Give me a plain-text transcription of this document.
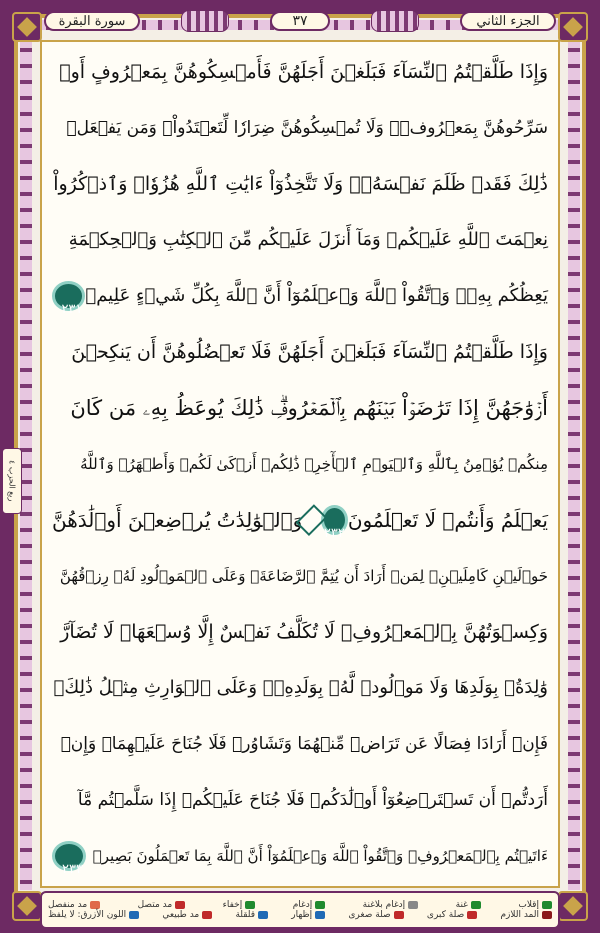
الجزء الثاني
٣٧
سورة البقرة
ربع الحزب ٤
وَإِذَا طَلَّقۡتُمُ ٱلنِّسَآءَ فَبَلَغۡنَ أَجَلَهُنَّ فَأَمۡسِكُوهُنَّ بِمَعۡرُوفٍ أَوۡ
سَرِّحُوهُنَّ بِمَعۡرُوفٖۚ وَلَا تُمۡسِكُوهُنَّ ضِرَارٗا لِّتَعۡتَدُواْۚ وَمَن يَفۡعَلۡ
ذَٰلِكَ فَقَدۡ ظَلَمَ نَفۡسَهُۥۚ وَلَا تَتَّخِذُوٓاْ ءَايَٰتِ ٱللَّهِ هُزُوٗاۚ وَٱذۡكُرُواْ
نِعۡمَتَ ٱللَّهِ عَلَيۡكُمۡ وَمَآ أَنزَلَ عَلَيۡكُم مِّنَ ٱلۡكِتَٰبِ وَٱلۡحِكۡمَةِ
يَعِظُكُم بِهِۦۚ وَٱتَّقُواْ ٱللَّهَ وَٱعۡلَمُوٓاْ أَنَّ ٱللَّهَ بِكُلِّ شَيۡءٍ عَلِيمٞ
٢٣١
وَإِذَا طَلَّقۡتُمُ ٱلنِّسَآءَ فَبَلَغۡنَ أَجَلَهُنَّ فَلَا تَعۡضُلُوهُنَّ أَن يَنكِحۡنَ
أَزۡوَٰجَهُنَّ إِذَا تَرَٰضَوۡاْ بَيۡنَهُم بِٱلۡمَعۡرُوفِۗ ذَٰلِكَ يُوعَظُ بِهِۦ مَن كَانَ
مِنكُمۡ يُؤۡمِنُ بِٱللَّهِ وَٱلۡيَوۡمِ ٱلۡأٓخِرِۗ ذَٰلِكُمۡ أَزۡكَىٰ لَكُمۡ وَأَطۡهَرُۚ وَٱللَّهُ
يَعۡلَمُ وَأَنتُمۡ لَا تَعۡلَمُونَ
٢٣٢
وَٱلۡوَٰلِدَٰتُ يُرۡضِعۡنَ أَوۡلَٰدَهُنَّ
حَوۡلَيۡنِ كَامِلَيۡنِۖ لِمَنۡ أَرَادَ أَن يُتِمَّ ٱلرَّضَاعَةَۚ وَعَلَى ٱلۡمَوۡلُودِ لَهُۥ رِزۡقُهُنَّ
وَكِسۡوَتُهُنَّ بِٱلۡمَعۡرُوفِۚ لَا تُكَلَّفُ نَفۡسٌ إِلَّا وُسۡعَهَاۚ لَا تُضَآرَّ
وَٰلِدَةُۢ بِوَلَدِهَا وَلَا مَوۡلُودٞ لَّهُۥ بِوَلَدِهِۦۚ وَعَلَى ٱلۡوَارِثِ مِثۡلُ ذَٰلِكَۗ
فَإِنۡ أَرَادَا فِصَالًا عَن تَرَاضٖ مِّنۡهُمَا وَتَشَاوُرٖ فَلَا جُنَاحَ عَلَيۡهِمَاۗ وَإِنۡ
أَرَدتُّمۡ أَن تَسۡتَرۡضِعُوٓاْ أَوۡلَٰدَكُمۡ فَلَا جُنَاحَ عَلَيۡكُمۡ إِذَا سَلَّمۡتُم مَّآ
ءَاتَيۡتُم بِٱلۡمَعۡرُوفِۗ وَٱتَّقُواْ ٱللَّهَ وَٱعۡلَمُوٓاْ أَنَّ ٱللَّهَ بِمَا تَعۡمَلُونَ بَصِيرٞ
٢٣٣
إقلاب
غنة
إدغام بلاغنة
إدغام
إخفاء
مد متصل
مد منفصل
المد اللازم
صلة كبرى
صلة صغرى
إظهار
قلقلة
مد طبيعي
اللون الأزرق: لا يلفظ
